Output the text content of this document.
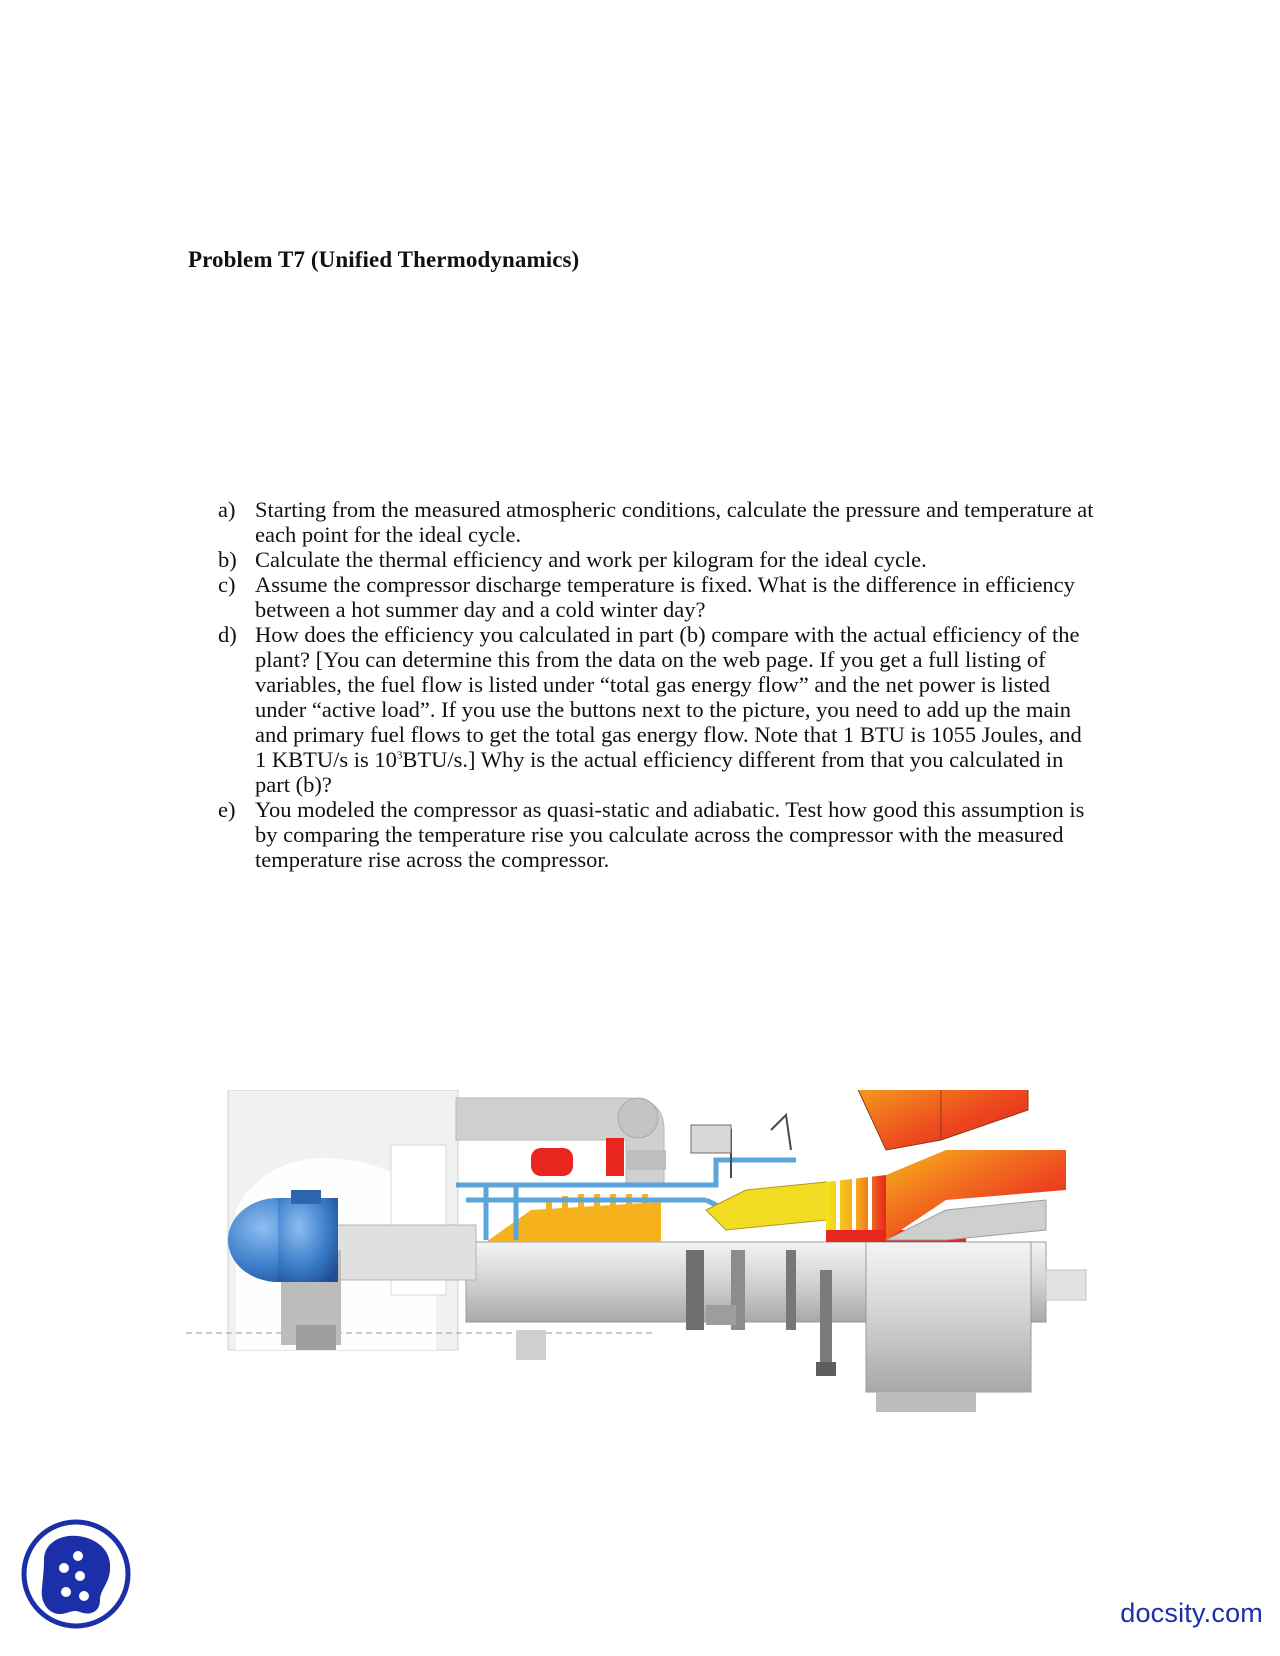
Problem T7 (Unified Thermodynamics)
a) Starting from the measured atmospheric conditions, calculate the pressure and temperature at each point for the ideal cycle.
b) Calculate the thermal efficiency and work per kilogram for the ideal cycle.
c) Assume the compressor discharge temperature is fixed. What is the difference in efficiency between a hot summer day and a cold winter day?
d) How does the efficiency you calculated in part (b) compare with the actual efficiency of the plant? [You can determine this from the data on the web page. If you get a full listing of variables, the fuel flow is listed under “total gas energy flow” and the net power is listed under “active load”. If you use the buttons next to the picture, you need to add up the main and primary fuel flows to get the total gas energy flow. Note that 1 BTU is 1055 Joules, and 1 KBTU/s is $10^3BTU/s$.] Why is the actual efficiency different from that you calculated in part (b)?
e) You modeled the compressor as quasi-static and adiabatic. Test how good this assumption is by comparing the temperature rise you calculate across the compressor with the measured temperature rise across the compressor.
docsity.com
